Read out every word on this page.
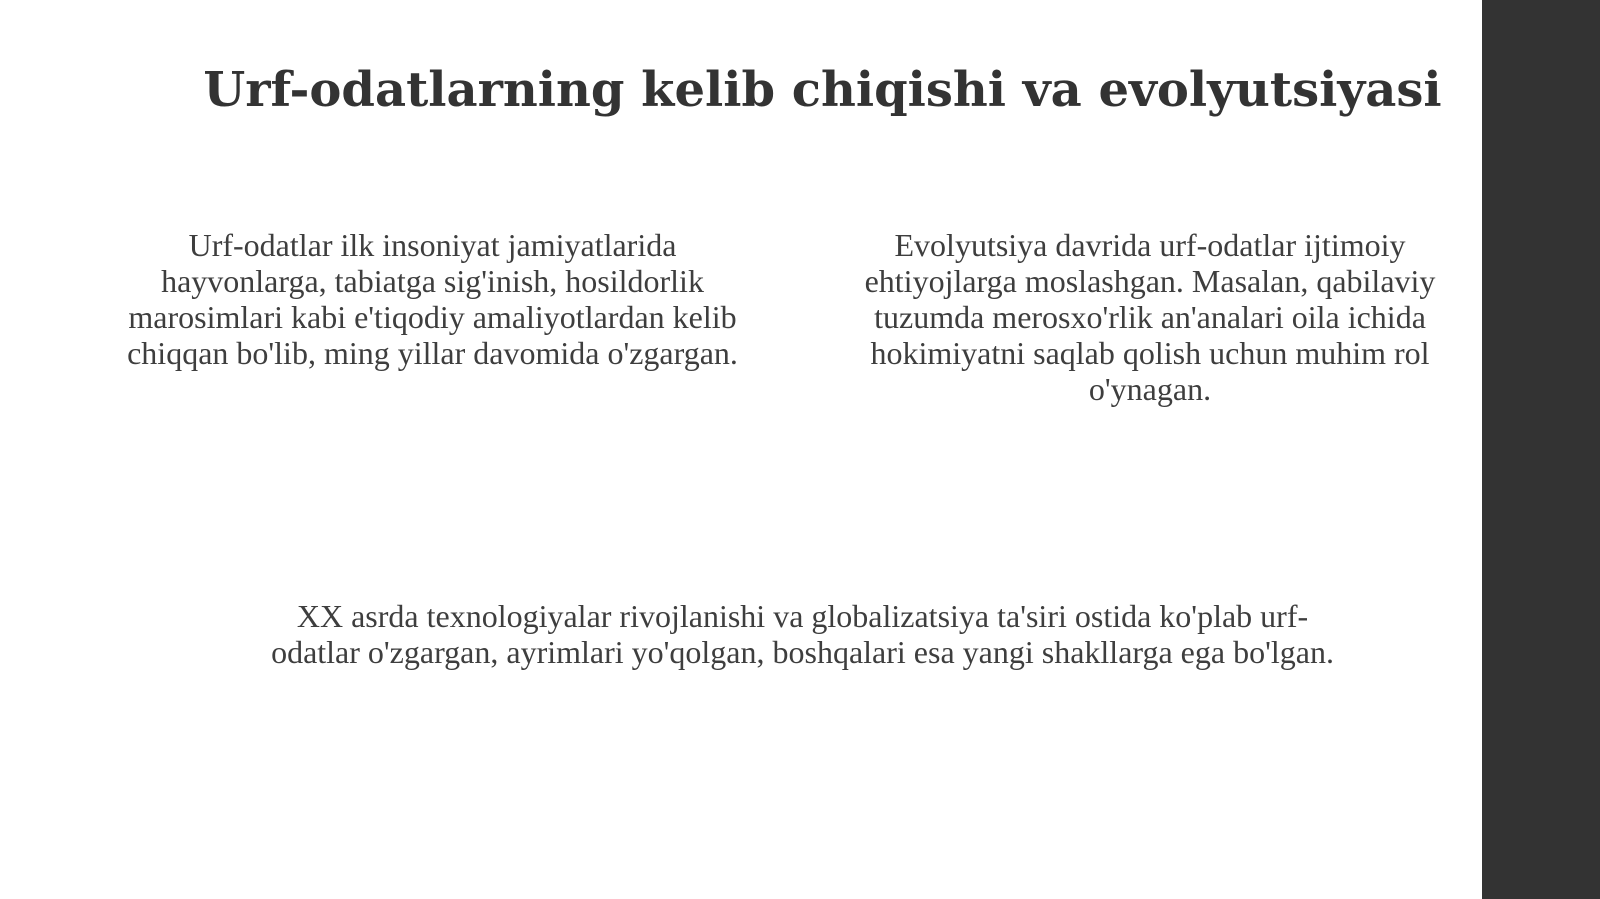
Urf-odatlarning kelib chiqishi va evolyutsiyasi

Urf-odatlar ilk insoniyat jamiyatlarida hayvonlarga, tabiatga sig'inish, hosildorlik marosimlari kabi e'tiqodiy amaliyotlardan kelib chiqqan bo'lib, ming yillar davomida o'zgargan.

Evolyutsiya davrida urf-odatlar ijtimoiy ehtiyojlarga moslashgan. Masalan, qabilaviy tuzumda merosxo'rlik an'analari oila ichida hokimiyatni saqlab qolish uchun muhim rol o'ynagan.

XX asrda texnologiyalar rivojlanishi va globalizatsiya ta'siri ostida ko'plab urf-odatlar o'zgargan, ayrimlari yo'qolgan, boshqalari esa yangi shakllarga ega bo'lgan.
